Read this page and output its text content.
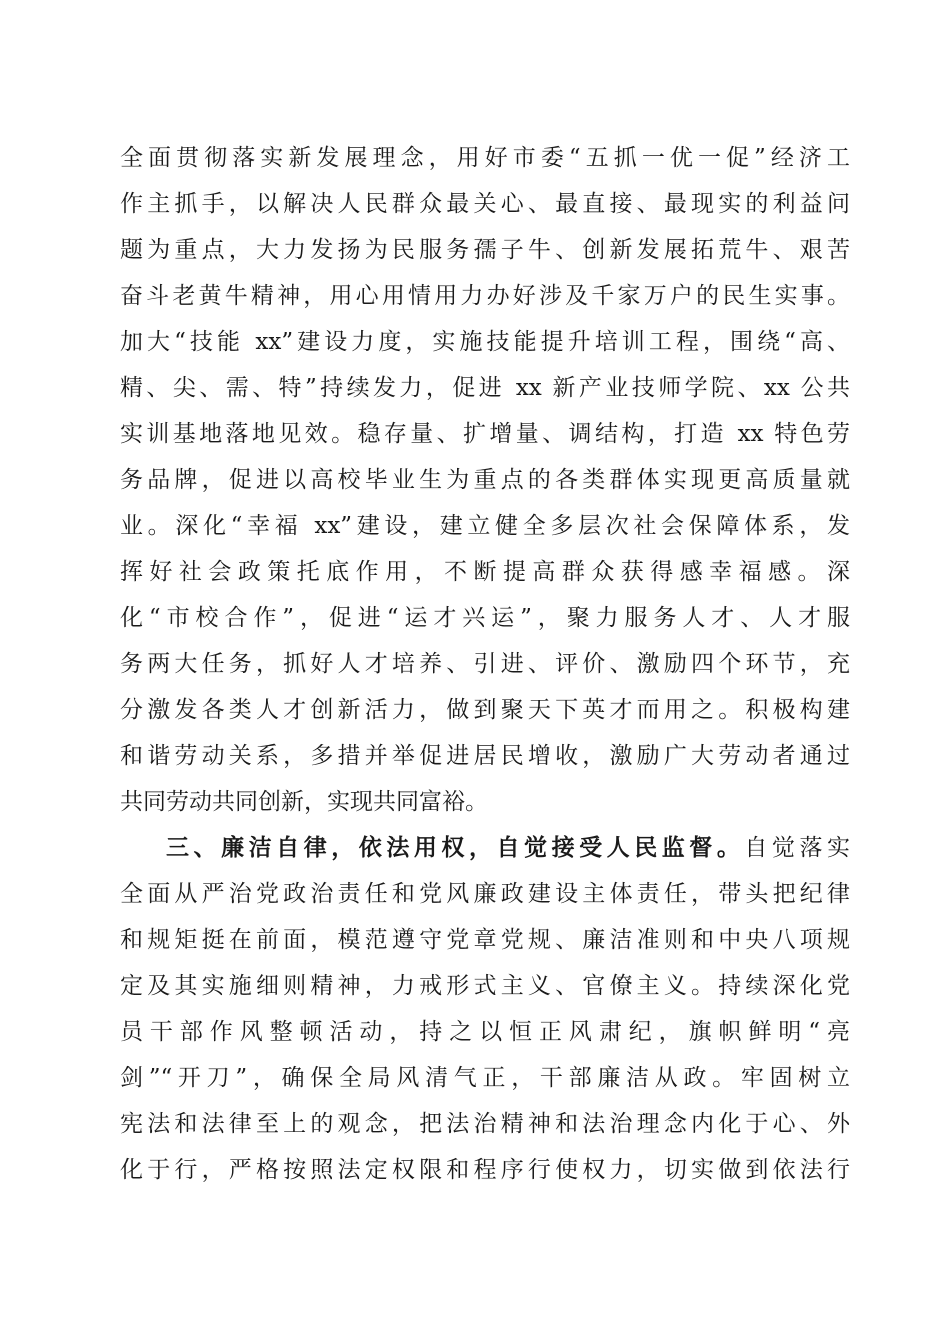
全面贯彻落实新发展理念，用好市委“五抓一优一促”经济工
作主抓手，以解决人民群众最关心、最直接、最现实的利益问
题为重点，大力发扬为民服务孺子牛、创新发展拓荒牛、艰苦
奋斗老黄牛精神，用心用情用力办好涉及千家万户的民生实事。
加大“技能 xx”建设力度，实施技能提升培训工程，围绕“高、
精、尖、需、特”持续发力，促进 xx 新产业技师学院、xx 公共
实训基地落地见效。稳存量、扩增量、调结构，打造 xx 特色劳
务品牌，促进以高校毕业生为重点的各类群体实现更高质量就
业。深化“幸福 xx”建设，建立健全多层次社会保障体系，发
挥好社会政策托底作用，不断提高群众获得感幸福感。深
化“市校合作”，促进“运才兴运”，聚力服务人才、人才服
务两大任务，抓好人才培养、引进、评价、激励四个环节，充
分激发各类人才创新活力，做到聚天下英才而用之。积极构建
和谐劳动关系，多措并举促进居民增收，激励广大劳动者通过
共同劳动共同创新，实现共同富裕。
三、廉洁自律，依法用权，自觉接受人民监督。自觉落实
全面从严治党政治责任和党风廉政建设主体责任，带头把纪律
和规矩挺在前面，模范遵守党章党规、廉洁准则和中央八项规
定及其实施细则精神，力戒形式主义、官僚主义。持续深化党
员干部作风整顿活动，持之以恒正风肃纪，旗帜鲜明“亮
剑”“开刀”，确保全局风清气正，干部廉洁从政。牢固树立
宪法和法律至上的观念，把法治精神和法治理念内化于心、外
化于行，严格按照法定权限和程序行使权力，切实做到依法行
